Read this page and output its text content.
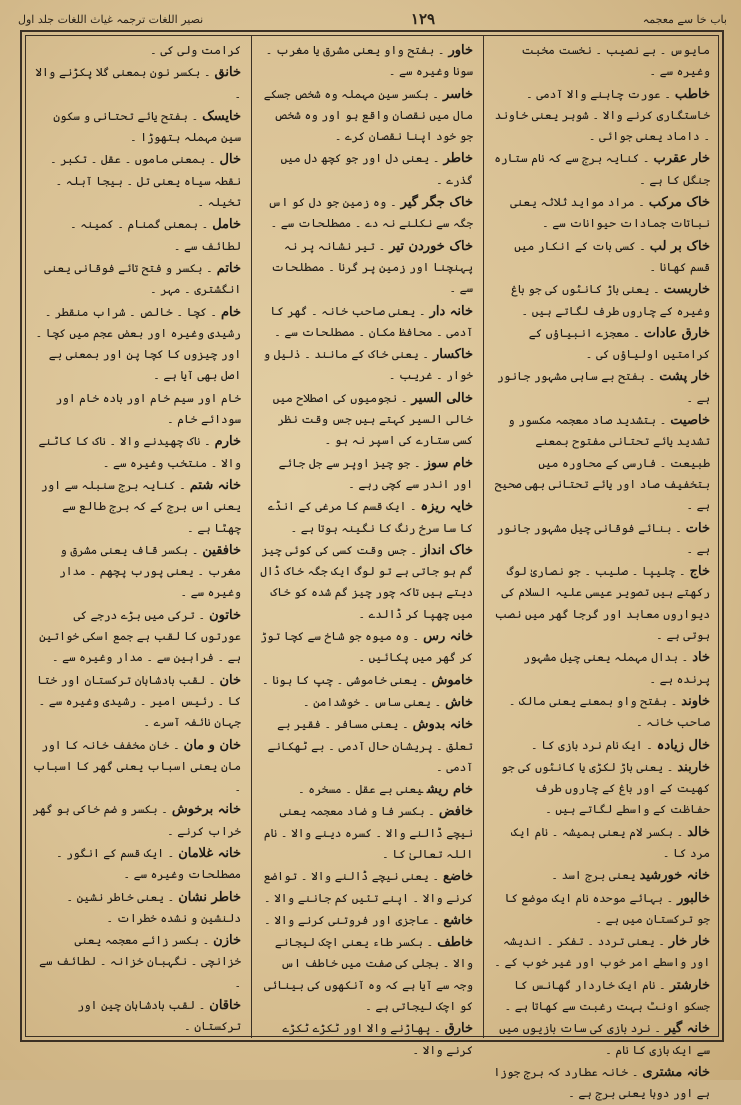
نصیر اللغات ترجمہ غیاث اللغات جلد اول	۱۲۹	باب خا سے معجمہ

مایوس ۔ بے نصیب ۔ نخست مخبت وغیرہ سے ۔

خاطب۔ عورت چاہنے والا آدمی ۔ خاستگاری کرنے والا ۔ شوہر یعنی خاوند ۔ داماد یعنی جوائی ۔

خار عقرب۔ کنایہ برج سے کہ نام ستارہ جنگل کا ہے ۔

خاک مرکب۔ مراد مواید ثلاثہ یعنی نباتات جمادات حیوانات سے ۔

خاک بر لب۔ کسی بات کے انکار میں قسم کھانا ۔

خاربست۔ یعنی باڑ کانٹوں کی جو باغ وغیرہ کے چاروں طرف لگاتے ہیں ۔

خارق عادات۔ معجزے انبیاؤں کے کرامتیں اولیاؤں کی ۔

خار پشت۔ بفتح بے ساہی مشہور جانور ہے ۔

خاصیت۔ بتشدید صاد معجمہ مکسور و تشدید یائے تحتانی مفتوح بمعنے طبیعت ۔ فارسی کے محاورہ میں بتخفیف صاد اور یائے تحتانی بھی صحیح ہے ۔

خات۔ بنائے فوقانی چیل مشہور جانور ہے ۔

خاج۔ چلیپا ۔ صلیب ۔ جو نصاریٰ لوگ رکھتے ہیں تصویر عیسی علیہ السلام کی دیواروں معابد اور گرجا گھر میں نصب ہوتی ہے ۔

خاد۔ بدال مہملہ یعنی چیل مشہور پرندہ ہے ۔

خاوند۔ بفتح واو بمعنے یعنی مالک ۔ صاحب خانہ ۔

خال زیادہ۔ ایک نام نرد بازی کا ۔

خاربند۔ یعنی باڑ لکڑی یا کانٹوں کی جو کھیت کے اور باغ کے چاروں طرف حفاظت کے واسطے لگاتے ہیں ۔

خالد۔ بکسر لام یعنی ہمیشہ ۔ نام ایک مرد کا ۔

خانہ خورشیدیعنی برج اسد ۔

خالبور۔ بہائے موحدہ نام ایک موضع کا جو ترکستان میں ہے ۔

خار خار۔ یعنی تردد ۔ تفکر ۔ اندیشہ اور واسطے امر خوب اور غیر خوب کے ۔

خارشتر۔ نام ایک خاردار گھانس کا جسکو اونٹ بہت رغبت سے کھاتا ہے ۔

خانہ گیر۔ نرد بازی کی سات بازیوں میں سے ایک بازی کا نام ۔

خانہ مشتری۔ خانہ عطارد کہ برج جوزا ہے اور دوہا یعنی برج ہے ۔

خاور۔ بفتح واو یعنی مشرق یا مغرب ۔ سونا وغیرہ سے ۔

خاسر۔ بکسر سین مہملہ وہ شخص جسکے مال میں نقصان واقع ہو اور وہ شخص جو خود اپنا نقصان کرے ۔

خاطر۔ یعنی دل اور جو کچھ دل میں گذرے ۔

خاک جگر گیر۔ وہ زمین جو دل کو اس جگہ سے نکلنے نہ دے ۔ مصطلحات سے ۔

خاک خوردن تیر۔ تیر نشانہ پر نہ پہنچنا اور زمین پر گرنا ۔ مصطلحات سے ۔

خانہ دار۔ یعنی صاحب خانہ ۔ گھر کا آدمی ۔ محافظ مکان ۔ مصطلحات سے ۔

خاکسار۔ یعنی خاک کے مانند ۔ ذلیل و خوار ۔ غریب ۔

خالی السیر۔ نجومیوں کی اصطلاح میں خالی السیر کہتے ہیں جس وقت نظر کسی ستارے کی اسپر نہ ہو ۔

خام سوز۔ جو چیز اوپر سے جل جائے اور اندر سے کچی رہے ۔

خایہ ریزہ۔ ایک قسم کا مرغی کے انڈے کا سا سرخ رنگ کا نگینہ ہوتا ہے ۔

خاک انداز۔ جس وقت کسی کی کوئی چیز گم ہو جاتی ہے تو لوگ ایک جگہ خاک ڈال دیتے ہیں تاکہ چور چیز گم شدہ کو خاک میں چھپا کر ڈالدے ۔

خانہ رس۔ وہ میوہ جو شاخ سے کچا توڑ کر گھر میں پکائیں ۔

خاموش۔ یعنی خاموشی ۔ چپ کا ہونا ۔

خاش۔ یعنی ساس ۔ خوشدامن ۔

خانہ بدوش۔ یعنی مسافر ۔ فقیر بے تعلق ۔ پریشان حال آدمی ۔ بے ٹھکانے آدمی ۔

خام ریشیعنی بے عقل ۔ مسخرہ ۔

خافض۔ بکسر فا و ضاد معجمہ یعنی نیچے ڈالنے والا ۔ کسرہ دینے والا ۔ نام اللہ تعالیٰ کا ۔

خاضع۔ یعنی نیچے ڈالنے والا ۔ تواضع کرنے والا ۔ اپنے تئیں کم جاننے والا ۔

خاشع۔ عاجزی اور فروتنی کرنے والا ۔

خاطف۔ بکسر طاء یعنی اچک لیجانے والا ۔ بجلی کی صفت میں خاطف اس وجہ سے آیا ہے کہ وہ آنکھوں کی بینائی کو اچک لیجاتی ہے ۔

خارق۔ پھاڑنے والا اور ٹکڑے ٹکڑے کرنے والا ۔

کرامت ولی کی ۔

خانق۔ بکسر نون بمعنی گلا پکڑنے والا ۔

خایسک۔ بفتح یائے تحتانی و سکون سین مہملہ ہتھوڑا ۔

خال۔ بمعنی ماموں ۔ عقل ۔ تکبر ۔ نقطہ سیاہ یعنی تل ۔ بیجا آبلہ ۔ تخیلہ ۔

خامل۔ بمعنی گمنام ۔ کمینہ ۔ لطائف سے ۔

خاتم۔ بکسر و فتح تائے فوقانی یعنی انگشتری ۔ مہر ۔

خام۔ کچا ۔ خالص ۔ شراب منقطر ۔ رشیدی وغیرہ اور بعض عجم میں کچا ۔ اور چیزوں کا کچا پن اور بمعنی بے اصل بھی آیا ہے ۔

خام اور سیم خام اور بادہ خام اور سودائے خام ۔

خارم۔ ناک چھیدنے والا ۔ ناک کا کاٹنے والا ۔ منتخب وغیرہ سے ۔

خانہ شتم۔ کنایہ برج سنبلہ سے اور یعنی اس برج کے کہ برج طالع سے چھٹا ہے ۔

خافقین۔ بکسر قاف یعنی مشرق و مغرب ۔ یعنی پورب پچھم ۔ مدار وغیرہ سے ۔

خاتون۔ ترکی میں بڑے درجے کی عورتوں کا لقب ہے جمع اسکی خواتین ہے ۔ فراہین سے ۔ مدار وغیرہ سے ۔

خان۔ لقب بادشاہان ترکستان اور ختا کا ۔ رئیس امیر ۔ رشیدی وغیرہ سے ۔ جہان نائفہ آسرے ۔

خان و مان۔ خان مخفف خانہ کا اور مان یعنی اسباب یعنی گھر کا اسباب ۔

خانہ برخوش۔ بکسر و ضم خاکی ہو گھر خراب کرنے ۔

خانہ غلامان۔ ایک قسم کے انگور ۔ مصطلحات وغیرہ سے ۔

خاطر نشان۔ یعنی خاطر نشین ۔ دلنشین و نشدہ خطرات ۔

خازن۔ بکسر زائے معجمہ یعنی خزانچی ۔ نگہبان خزانہ ۔ لطائف سے ۔

خاقان۔ لقب بادشاہان چین اور ترکستان ۔
